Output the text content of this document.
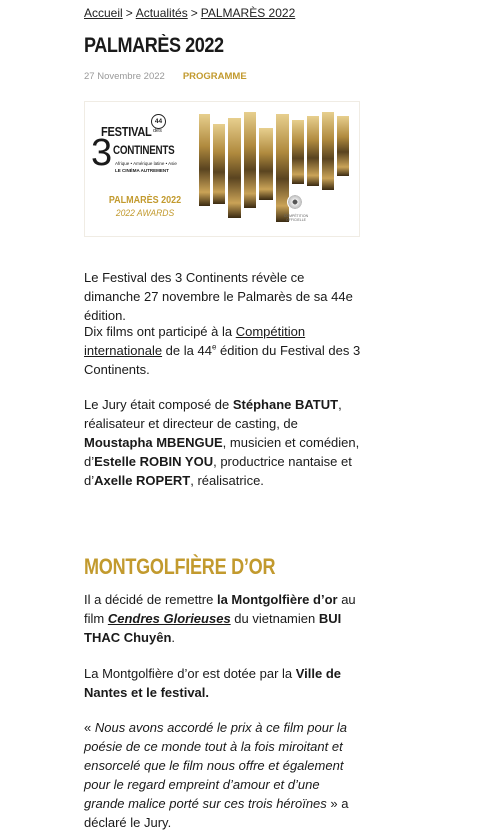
Accueil > Actualités > PALMARÈS 2022
PALMARÈS 2022
27 Novembre 2022 PROGRAMME
44
FESTIVAL des
3 CONTINENTS
Afrique • Amérique latine • Asie
LE CINÉMA AUTREMENT
PALMARÈS 2022
2022 AWARDS	COMPÉTITION OFFICIELLE

Le Festival des 3 Continents révèle ce dimanche 27 novembre le Palmarès de sa 44e édition.

Dix films ont participé à la Compétition internationale de la 44e édition du Festival des 3 Continents.

Le Jury était composé de Stéphane BATUT, réalisateur et directeur de casting, de Moustapha MBENGUE, musicien et comédien, d’Estelle ROBIN YOU, productrice nantaise et d’Axelle ROPERT, réalisatrice.

MONTGOLFIÈRE D’OR

Il a décidé de remettre la Montgolfière d’or au film Cendres Glorieuses du vietnamien BUI THAC Chuyên.

La Montgolfière d’or est dotée par la Ville de Nantes et le festival.

« Nous avons accordé le prix à ce film pour la poésie de ce monde tout à la fois miroitant et ensorcelé que le film nous offre et également pour le regard empreint d’amour et d’une grande malice porté sur ces trois héroïnes » a déclaré le Jury.
